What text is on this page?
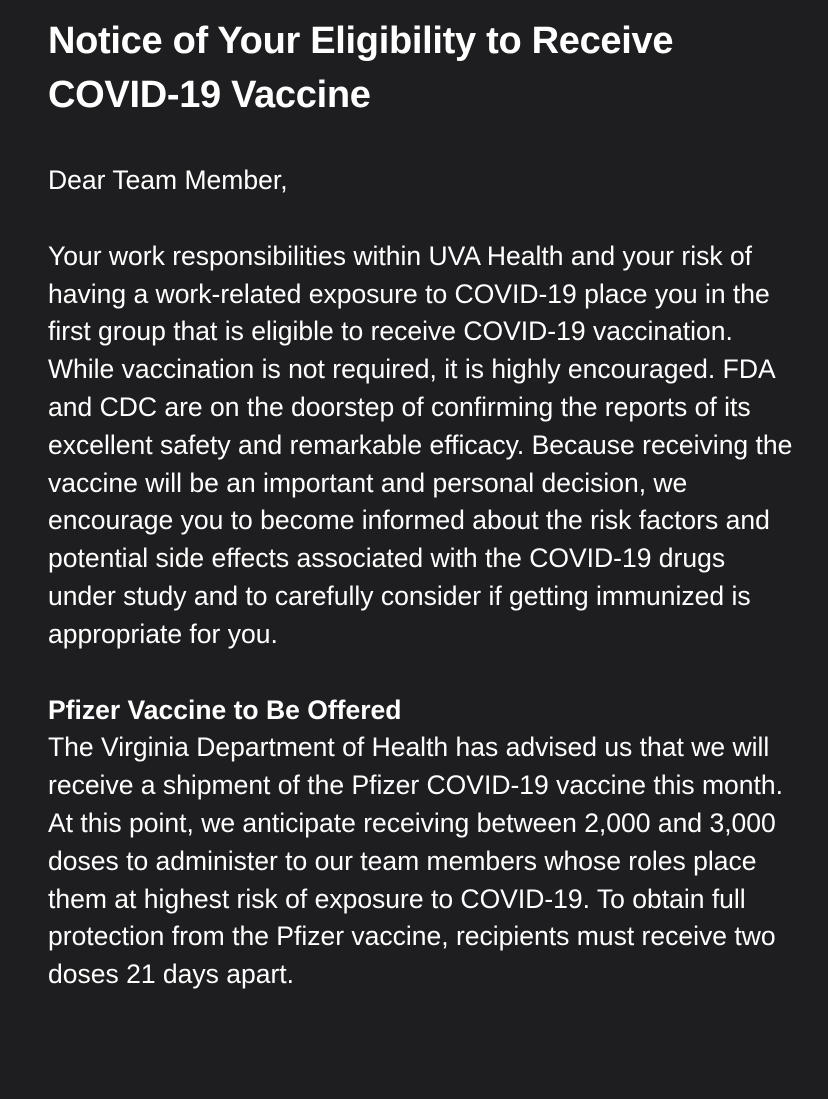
Notice of Your Eligibility to Receive COVID-19 Vaccine

Dear Team Member,

Your work responsibilities within UVA Health and your risk of having a work-related exposure to COVID-19 place you in the first group that is eligible to receive COVID-19 vaccination. While vaccination is not required, it is highly encouraged. FDA and CDC are on the doorstep of confirming the reports of its excellent safety and remarkable efficacy. Because receiving the vaccine will be an important and personal decision, we encourage you to become informed about the risk factors and potential side effects associated with the COVID-19 drugs under study and to carefully consider if getting immunized is appropriate for you.

Pfizer Vaccine to Be Offered

The Virginia Department of Health has advised us that we will receive a shipment of the Pfizer COVID-19 vaccine this month. At this point, we anticipate receiving between 2,000 and 3,000 doses to administer to our team members whose roles place them at highest risk of exposure to COVID-19. To obtain full protection from the Pfizer vaccine, recipients must receive two doses 21 days apart.
